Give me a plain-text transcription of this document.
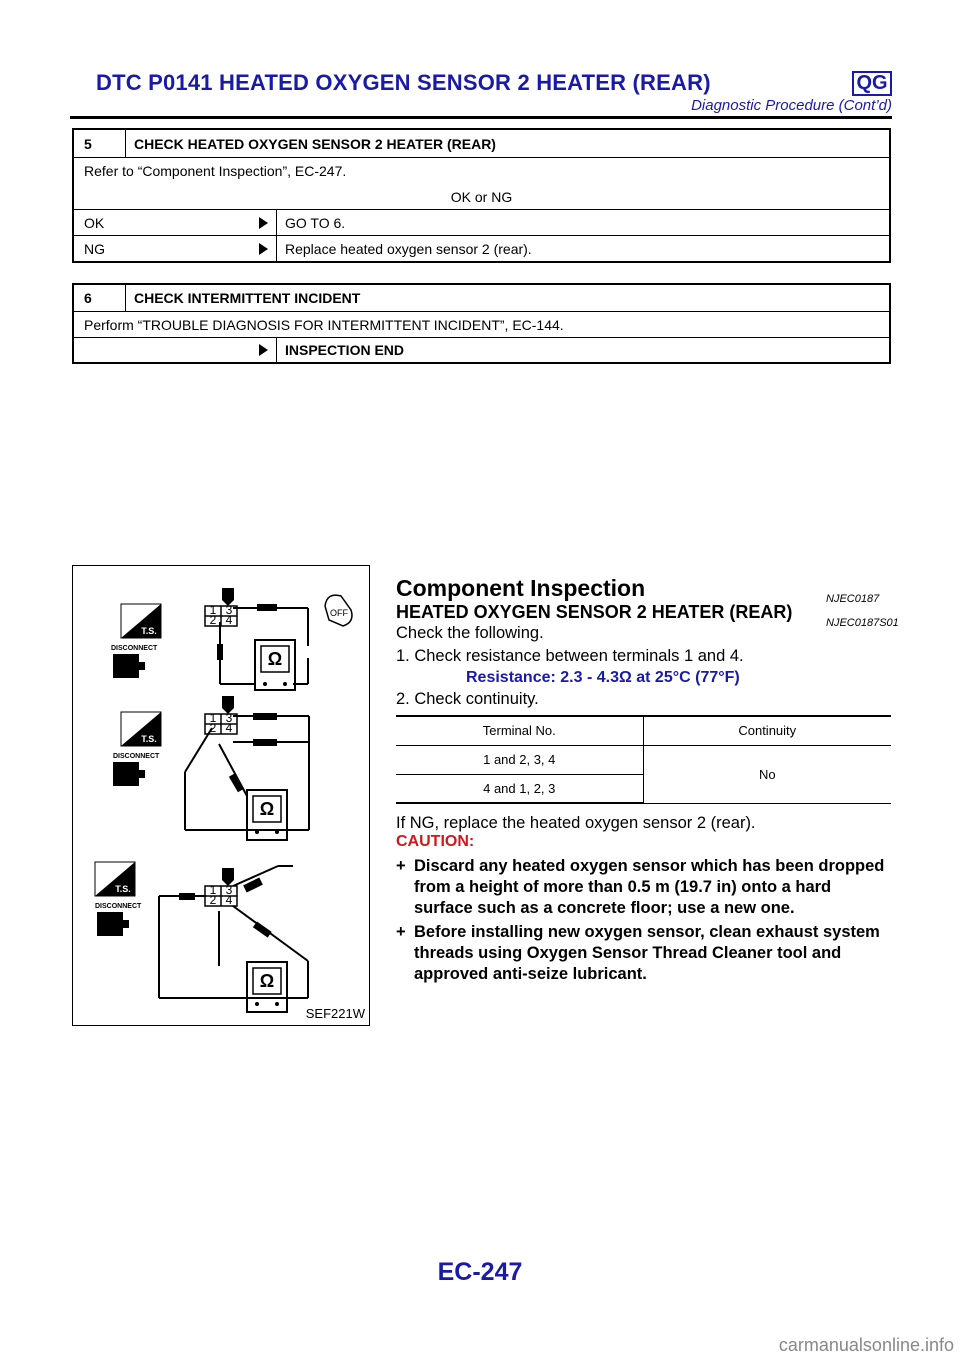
DTC P0141 HEATED OXYGEN SENSOR 2 HEATER (REAR)	QG
Diagnostic Procedure (Cont’d)
5	CHECK HEATED OXYGEN SENSOR 2 HEATER (REAR)
Refer to “Component Inspection”, EC-247.
OK or NG
OK	GO TO 6.
NG	Replace heated oxygen sensor 2 (rear).
6	CHECK INTERMITTENT INCIDENT
Perform “TROUBLE DIAGNOSIS FOR INTERMITTENT INCIDENT”, EC-144.
INSPECTION END
1 3
2 4
1 3
2 4
1 3
2 4
Ω
Ω
Ω
OFF
T.S.
T.S.
T.S.
DISCONNECT
DISCONNECT
DISCONNECT
SEF221W
Component Inspection	NJEC0187
HEATED OXYGEN SENSOR 2 HEATER (REAR)
NJEC0187S01
Check the following.
1. Check resistance between terminals 1 and 4.
Resistance: 2.3 - 4.3Ω at 25°C (77°F)
2. Check continuity.
Terminal No.	Continuity
1 and 2, 3, 4	No
4 and 1, 2, 3	
If NG, replace the heated oxygen sensor 2 (rear).
CAUTION:
+ Discard any heated oxygen sensor which has been dropped from a height of more than 0.5 m (19.7 in) onto a hard surface such as a concrete floor; use a new one.
+ Before installing new oxygen sensor, clean exhaust system threads using Oxygen Sensor Thread Cleaner tool and approved anti-seize lubricant.
EC-247
carmanualsonline.info
